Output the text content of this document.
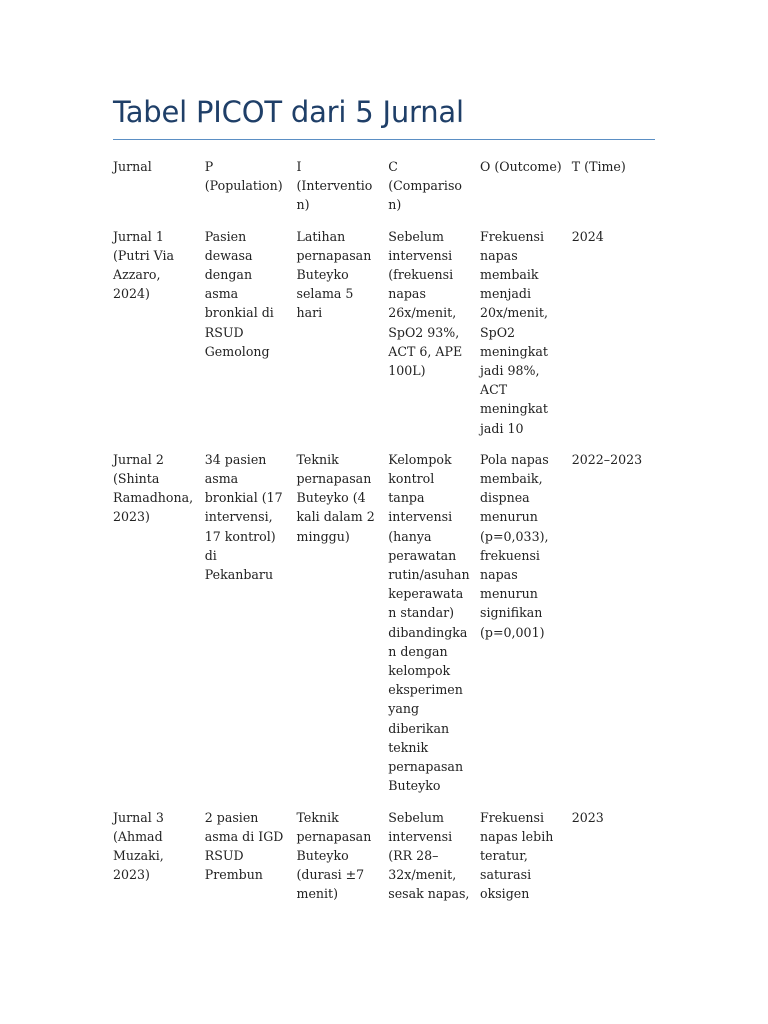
Tabel PICOT dari 5 Jurnal
Jurnal	P (Population)	I (Intervention)	C (Comparison)	O (Outcome)	T (Time)
Jurnal 1 (Putri Via Azzaro, 2024)	Pasien dewasa dengan asma bronkial di RSUD Gemolong	Latihan pernapasan Buteyko selama 5 hari	Sebelum intervensi (frekuensi napas 26x/menit, SpO2 93%, ACT 6, APE 100L)	Frekuensi napas membaik menjadi 20x/menit, SpO2 meningkat jadi 98%, ACT meningkat jadi 10	2024
Jurnal 2 (Shinta Ramadhona, 2023)	34 pasien asma bronkial (17 intervensi, 17 kontrol) di Pekanbaru	Teknik pernapasan Buteyko (4 kali dalam 2 minggu)	Kelompok kontrol tanpa intervensi (hanya perawatan rutin/asuhan keperawatan standar) dibandingkan dengan kelompok eksperimen yang diberikan teknik pernapasan Buteyko	Pola napas membaik, dispnea menurun (p=0,033), frekuensi napas menurun signifikan (p=0,001)	2022–2023
Jurnal 3 (Ahmad Muzaki, 2023)	2 pasien asma di IGD RSUD Prembun	Teknik pernapasan Buteyko (durasi ±7 menit)	Sebelum intervensi (RR 28–32x/menit, sesak napas,	Frekuensi napas lebih teratur, saturasi oksigen	2023
